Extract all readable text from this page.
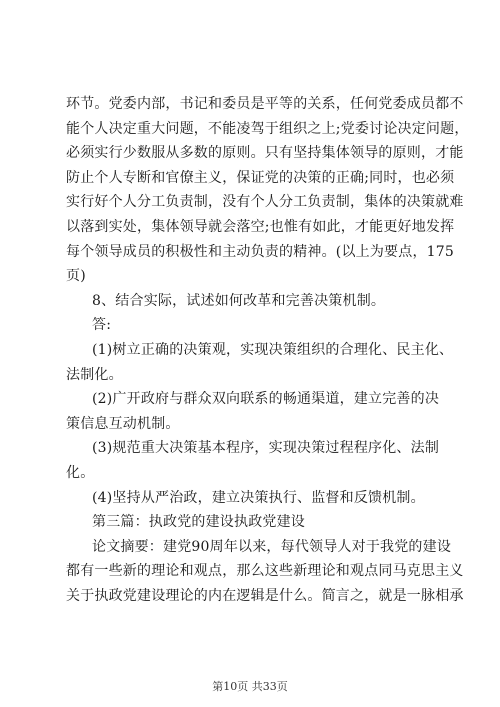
环节。党委内部，书记和委员是平等的关系，任何党委成员都不
能个人决定重大问题，不能凌驾于组织之上;党委讨论决定问题，
必须实行少数服从多数的原则。只有坚持集体领导的原则，才能
防止个人专断和官僚主义，保证党的决策的正确;同时，也必须
实行好个人分工负责制，没有个人分工负责制，集体的决策就难
以落到实处，集体领导就会落空;也惟有如此，才能更好地发挥
每个领导成员的积极性和主动负责的精神。(以上为要点，175
页)
8、结合实际，试述如何改革和完善决策机制。
答:
(1)树立正确的决策观，实现决策组织的合理化、民主化、
法制化。
(2)广开政府与群众双向联系的畅通渠道，建立完善的决
策信息互动机制。
(3)规范重大决策基本程序，实现决策过程程序化、法制
化。
(4)坚持从严治政，建立决策执行、监督和反馈机制。
第三篇：执政党的建设执政党建设
论文摘要：建党90周年以来，每代领导人对于我党的建设
都有一些新的理论和观点，那么这些新理论和观点同马克思主义
关于执政党建设理论的内在逻辑是什么。简言之，就是一脉相承
第10页 共33页
